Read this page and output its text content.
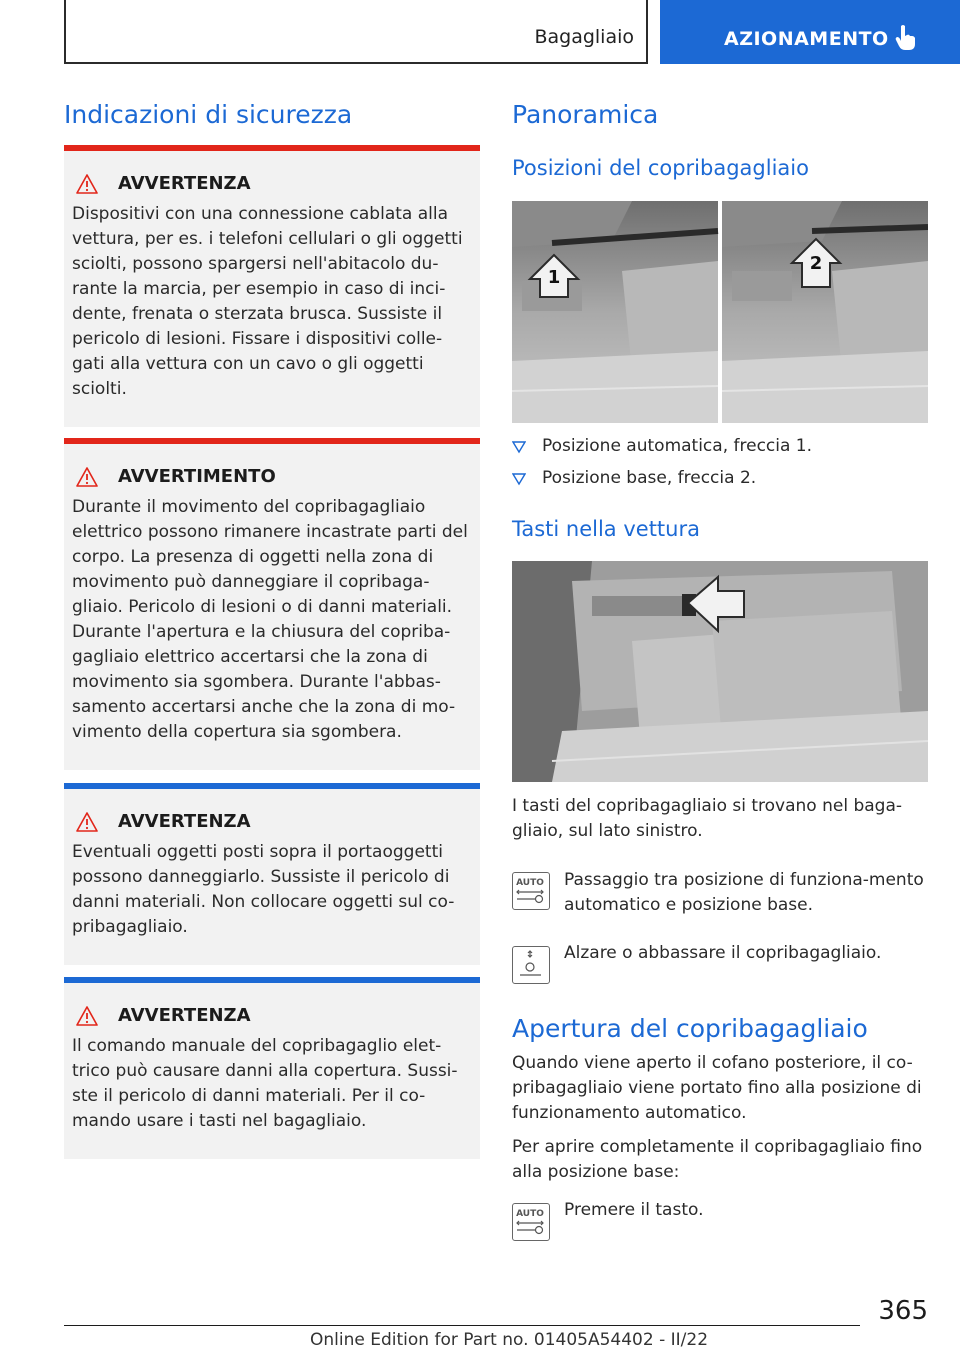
Bagagliaio	AZIONAMENTO
Indicazioni di sicurezza
AVVERTENZA
Dispositivi con una connessione cablata alla vettura, per es. i telefoni cellulari o gli oggetti sciolti, possono spargersi nell'abitacolo du-rante la marcia, per esempio in caso di inci-dente, frenata o sterzata brusca. Sussiste il pericolo di lesioni. Fissare i dispositivi colle-gati alla vettura con un cavo o gli oggetti sciolti.
AVVERTIMENTO
Durante il movimento del copribagagliaio elettrico possono rimanere incastrate parti del corpo. La presenza di oggetti nella zona di movimento può danneggiare il copribaga-gliaio. Pericolo di lesioni o di danni materiali. Durante l'apertura e la chiusura del copriba-gagliaio elettrico accertarsi che la zona di movimento sia sgombera. Durante l'abbas-samento accertarsi anche che la zona di mo-vimento della copertura sia sgombera.
AVVERTENZA
Eventuali oggetti posti sopra il portaoggetti possono danneggiarlo. Sussiste il pericolo di danni materiali. Non collocare oggetti sul co-pribagagliaio.
AVVERTENZA
Il comando manuale del copribagaglio elet-trico può causare danni alla copertura. Sussi-ste il pericolo di danni materiali. Per il co-mando usare i tasti nel bagagliaio.
Panoramica
Posizioni del copribagagliaio
1
2
Posizione automatica, freccia 1.
Posizione base, freccia 2.
Tasti nella vettura

I tasti del copribagagliaio si trovano nel baga-gliaio, sul lato sinistro.

AUTO Passaggio tra posizione di funziona-mento automatico e posizione base.

Alzare o abbassare il copribagagliaio.

Apertura del copribagagliaio

Quando viene aperto il cofano posteriore, il co-pribagagliaio viene portato fino alla posizione di funzionamento automatico.

Per aprire completamente il copribagagliaio fino alla posizione base:

AUTO Premere il tasto.

365
Online Edition for Part no. 01405A54402 - II/22
